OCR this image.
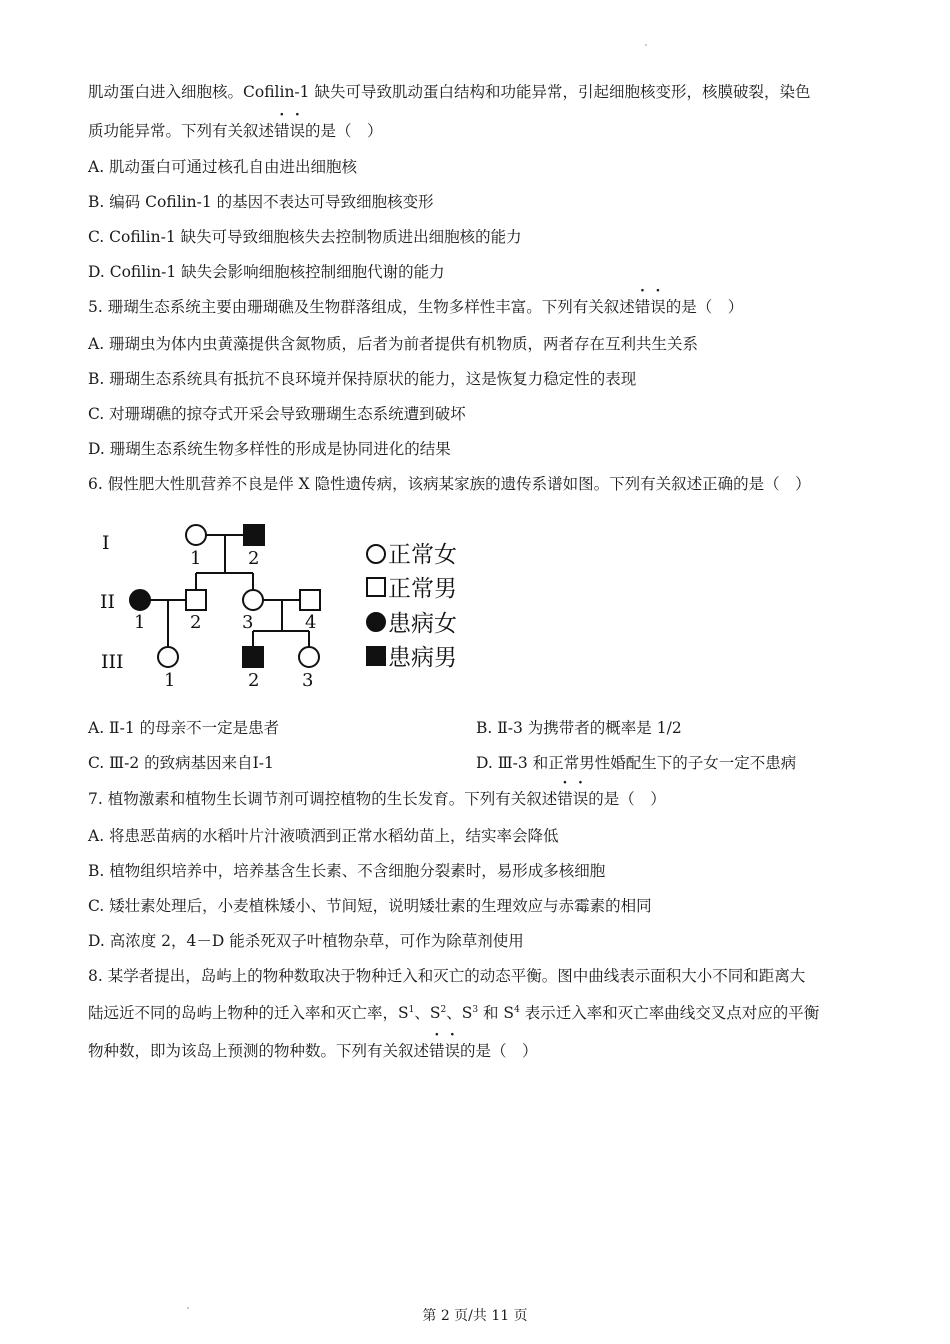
肌动蛋白进入细胞核。Cofilin-1 缺失可导致肌动蛋白结构和功能异常，引起细胞核变形，核膜破裂，染色
质功能异常。下列有关叙述错误的是（　）
A. 肌动蛋白可通过核孔自由进出细胞核
B. 编码 Cofilin-1 的基因不表达可导致细胞核变形
C. Cofilin-1 缺失可导致细胞核失去控制物质进出细胞核的能力
D. Cofilin-1 缺失会影响细胞核控制细胞代谢的能力
5. 珊瑚生态系统主要由珊瑚礁及生物群落组成，生物多样性丰富。下列有关叙述错误的是（　）
A. 珊瑚虫为体内虫黄藻提供含氮物质，后者为前者提供有机物质，两者存在互利共生关系
B. 珊瑚生态系统具有抵抗不良环境并保持原状的能力，这是恢复力稳定性的表现
C. 对珊瑚礁的掠夺式开采会导致珊瑚生态系统遭到破坏
D. 珊瑚生态系统生物多样性的形成是协同进化的结果
6. 假性肥大性肌营养不良是伴 X 隐性遗传病，该病某家族的遗传系谱如图。下列有关叙述正确的是（　）
I
II
III
1	2
1 2 3	4
1	2 3
正常女
正常男
患病女
患病男
A. Ⅱ-1 的母亲不一定是患者	B. Ⅱ-3 为携带者的概率是 1/2
C. Ⅲ-2 的致病基因来自Ⅰ-1	D. Ⅲ-3 和正常男性婚配生下的子女一定不患病
7. 植物激素和植物生长调节剂可调控植物的生长发育。下列有关叙述错误的是（　）
A. 将患恶苗病的水稻叶片汁液喷洒到正常水稻幼苗上，结实率会降低
B. 植物组织培养中，培养基含生长素、不含细胞分裂素时，易形成多核细胞
C. 矮壮素处理后，小麦植株矮小、节间短，说明矮壮素的生理效应与赤霉素的相同
D. 高浓度 2，4－D 能杀死双子叶植物杂草，可作为除草剂使用
8. 某学者提出，岛屿上的物种数取决于物种迁入和灭亡的动态平衡。图中曲线表示面积大小不同和距离大
陆远近不同的岛屿上物种的迁入率和灭亡率，$S^1$、$S^2$、$S^3$ 和 $S^4$ 表示迁入率和灭亡率曲线交叉点对应的平衡
物种数，即为该岛上预测的物种数。下列有关叙述错误的是（　）
第 2 页/共 11 页
